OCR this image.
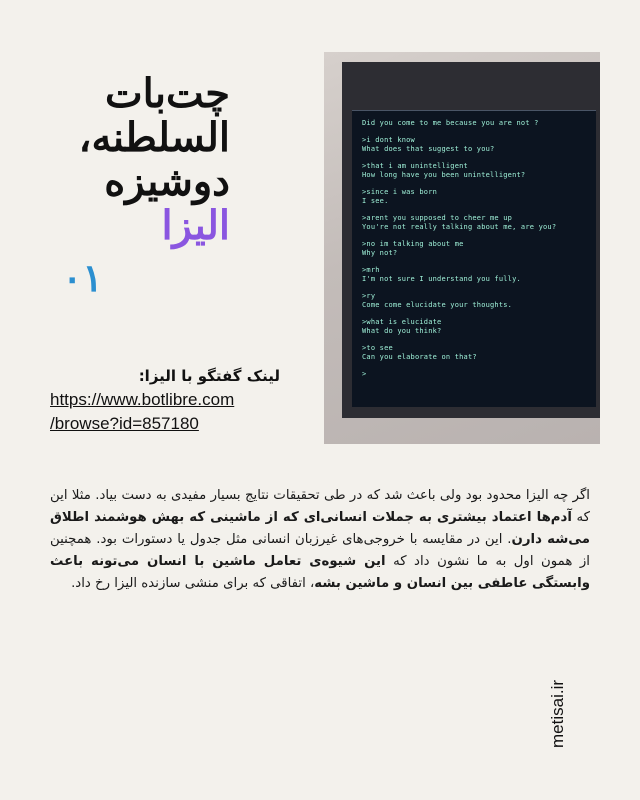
چت‌بات
السلطنه،
دوشیزه
الیزا
۰۱
Did you come to me because you are not ?
>i dont know
What does that suggest to you?
>that i am unintelligent
How long have you been unintelligent?
>since i was born
I see.
>arent you supposed to cheer me up
You're not really talking about me, are you?
>no im talking about me
Why not?
>mrh
I'm not sure I understand you fully.
>ry
Come come elucidate your thoughts.
>what is elucidate
What do you think?
>to see
Can you elaborate on that?
>
لینک گفتگو با الیزا:
https://www.botlibre.com
/browse?id=857180
اگر چه الیزا محدود بود ولی باعث شد که در طی تحقیقات نتایج بسیار مفیدی به دست بیاد. مثلا این که آدم‌ها اعتماد بیشتری به جملات انسانی‌ای که از ماشینی که بهش هوشمند اطلاق می‌شه دارن. این در مقایسه با خروجی‌های غیرزبان انسانی مثل جدول یا دستورات بود. همچنین از همون اول به ما نشون داد که این شیوه‌ی تعامل ماشین با انسان می‌تونه باعث وابستگی عاطفی بین انسان و ماشین بشه، اتفاقی که برای منشی سازنده الیزا رخ داد.
metisai.ir
